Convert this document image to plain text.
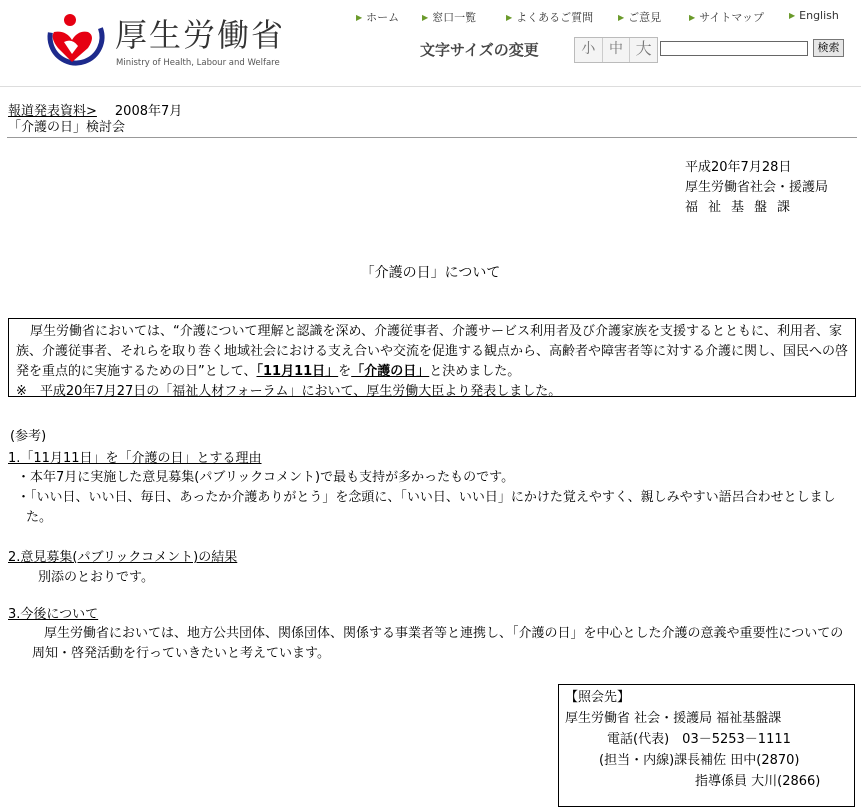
厚生労働省
Ministry of Health, Labour and Welfare
▶ ホーム	▶ 窓口一覧	▶ よくあるご質問	▶ ご意見	▶ サイトマップ	▶ English
文字サイズの変更	小 中 大	検索
報道発表資料> 2008年7月
「介護の日」検討会
平成20年7月28日
厚生労働省社会・援護局
福祉基盤課
「介護の日」について
厚生労働省においては、“介護について理解と認識を深め、介護従事者、介護サービス利用者及び介護家族を支援するとともに、利用者、家族、介護従事者、それらを取り巻く地域社会における支え合いや交流を促進する観点から、高齢者や障害者等に対する介護に関し、国民への啓発を重点的に実施するための日”として、「11月11日」を「介護の日」と決めました。
※　平成20年7月27日の「福祉人材フォーラム」において、厚生労働大臣より発表しました。
(参考)
1.「11月11日」を「介護の日」とする理由
・本年7月に実施した意見募集(パブリックコメント)で最も支持が多かったものです。
・「いい日、いい日、毎日、あったか介護ありがとう」を念頭に、「いい日、いい日」にかけた覚えやすく、親しみやすい語呂合わせとしました。
2.意見募集(パブリックコメント)の結果
別添のとおりです。
3.今後について
厚生労働省においては、地方公共団体、関係団体、関係する事業者等と連携し、「介護の日」を中心とした介護の意義や重要性についての周知・啓発活動を行っていきたいと考えています。
【照会先】
厚生労働省 社会・援護局 福祉基盤課
電話(代表)　 03－5253－1111
(担当・内線)課長補佐 田中(2870)
指導係員 大川(2866)
